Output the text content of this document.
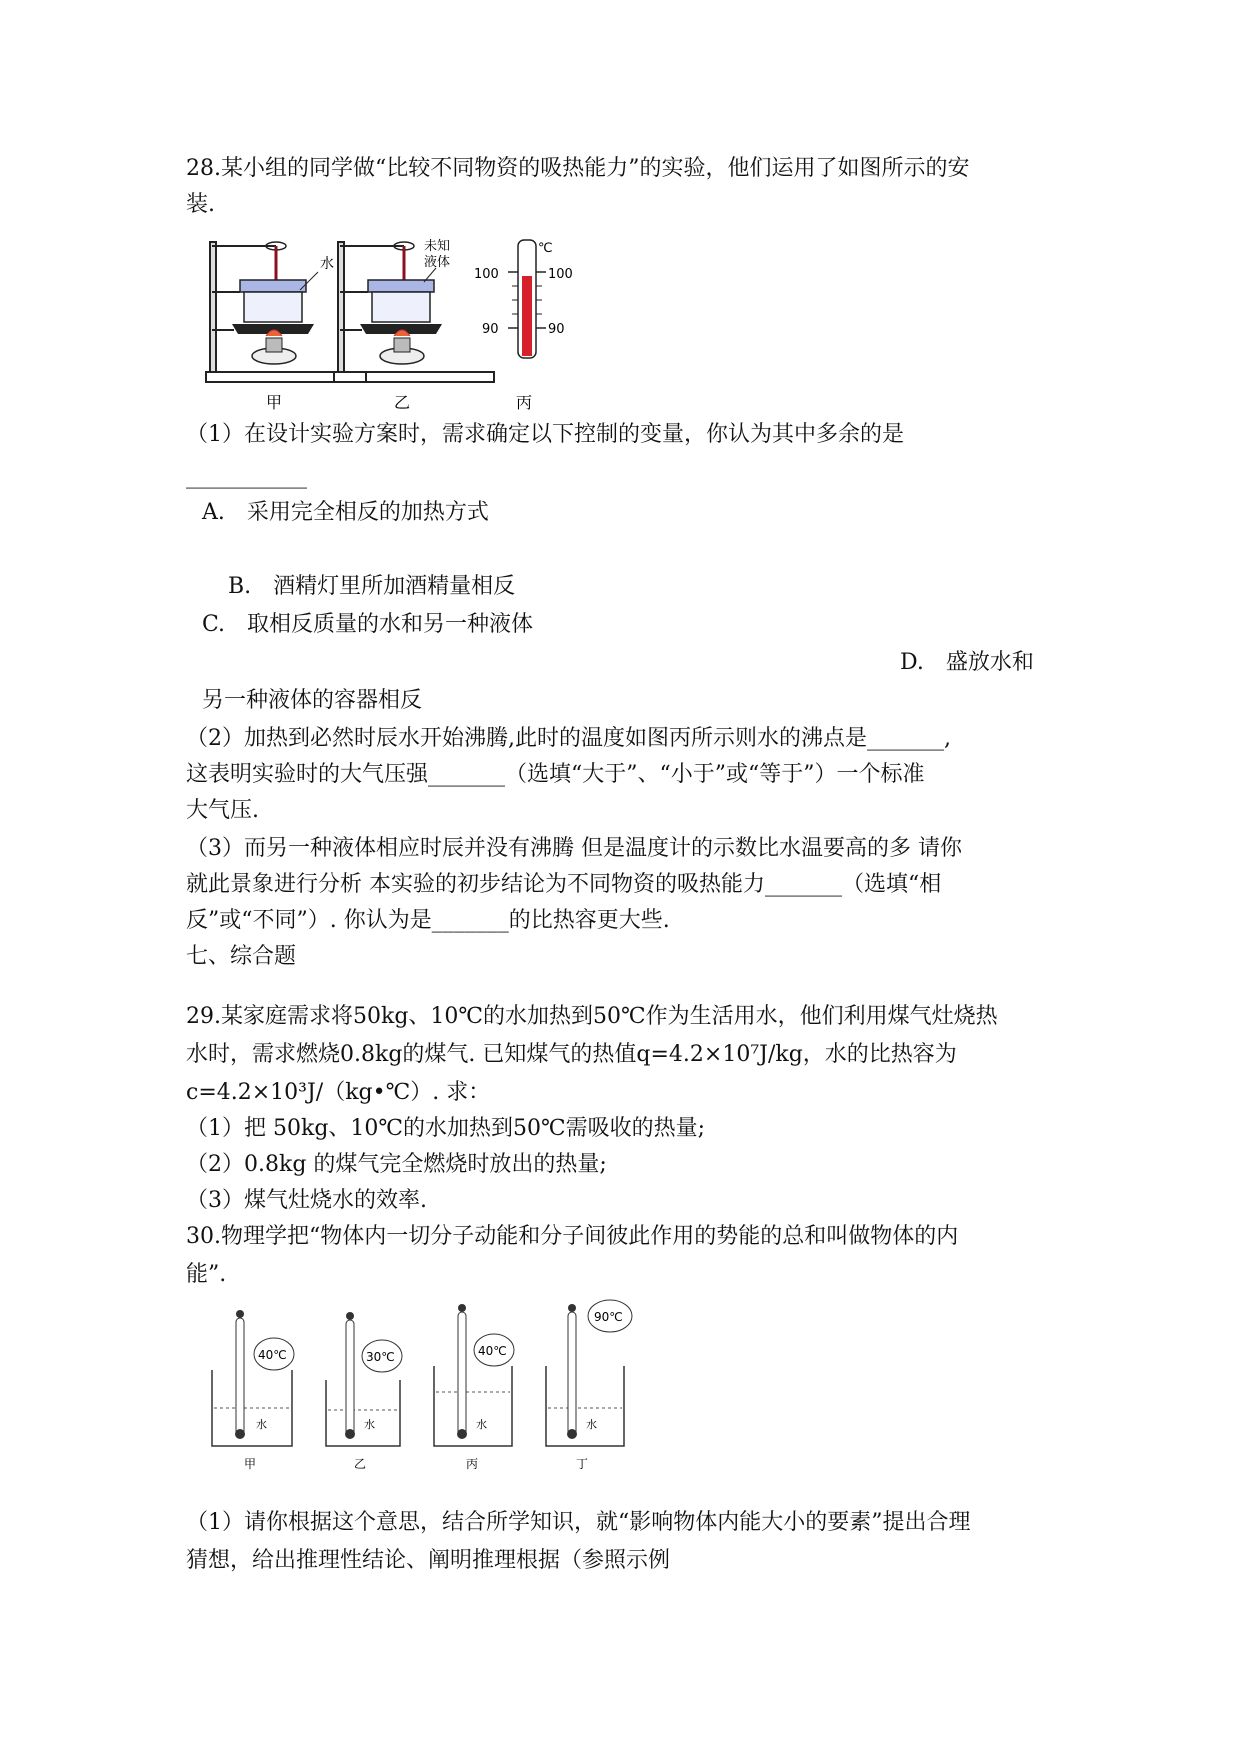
28.某小组的同学做“比较不同物资的吸热能力”的实验，他们运用了如图所示的安
装.
水
甲
未知
液体
乙
℃
100	100
90	90
丙
（1）在设计实验方案时，需求确定以下控制的变量，你认为其中多余的是
___________
A.　采用完全相反的加热方式
B.　酒精灯里所加酒精量相反
C.　取相反质量的水和另一种液体
D.　盛放水和
另一种液体的容器相反
（2）加热到必然时辰水开始沸腾,此时的温度如图丙所示则水的沸点是_______,
这表明实验时的大气压强_______（选填“大于”、“小于”或“等于”）一个标准
大气压.
（3）而另一种液体相应时辰并没有沸腾 但是温度计的示数比水温要高的多 请你
就此景象进行分析 本实验的初步结论为不同物资的吸热能力_______（选填“相
反”或“不同”）. 你认为是_______的比热容更大些.
七、综合题
29.某家庭需求将50kg、10℃的水加热到50℃作为生活用水，他们利用煤气灶烧热
水时，需求燃烧0.8kg的煤气. 已知煤气的热值q=4.2×10⁷J/kg，水的比热容为
c=4.2×10³J/（kg•℃）. 求：
（1）把 50kg、10℃的水加热到50℃需吸收的热量;
（2）0.8kg 的煤气完全燃烧时放出的热量;
（3）煤气灶烧水的效率.
30.物理学把“物体内一切分子动能和分子间彼此作用的势能的总和叫做物体的内
能”.
40℃
水
甲
30℃
水
乙
40℃
水
丙
90℃
水
丁
（1）请你根据这个意思，结合所学知识，就“影响物体内能大小的要素”提出合理
猜想，给出推理性结论、阐明推理根据（参照示例
